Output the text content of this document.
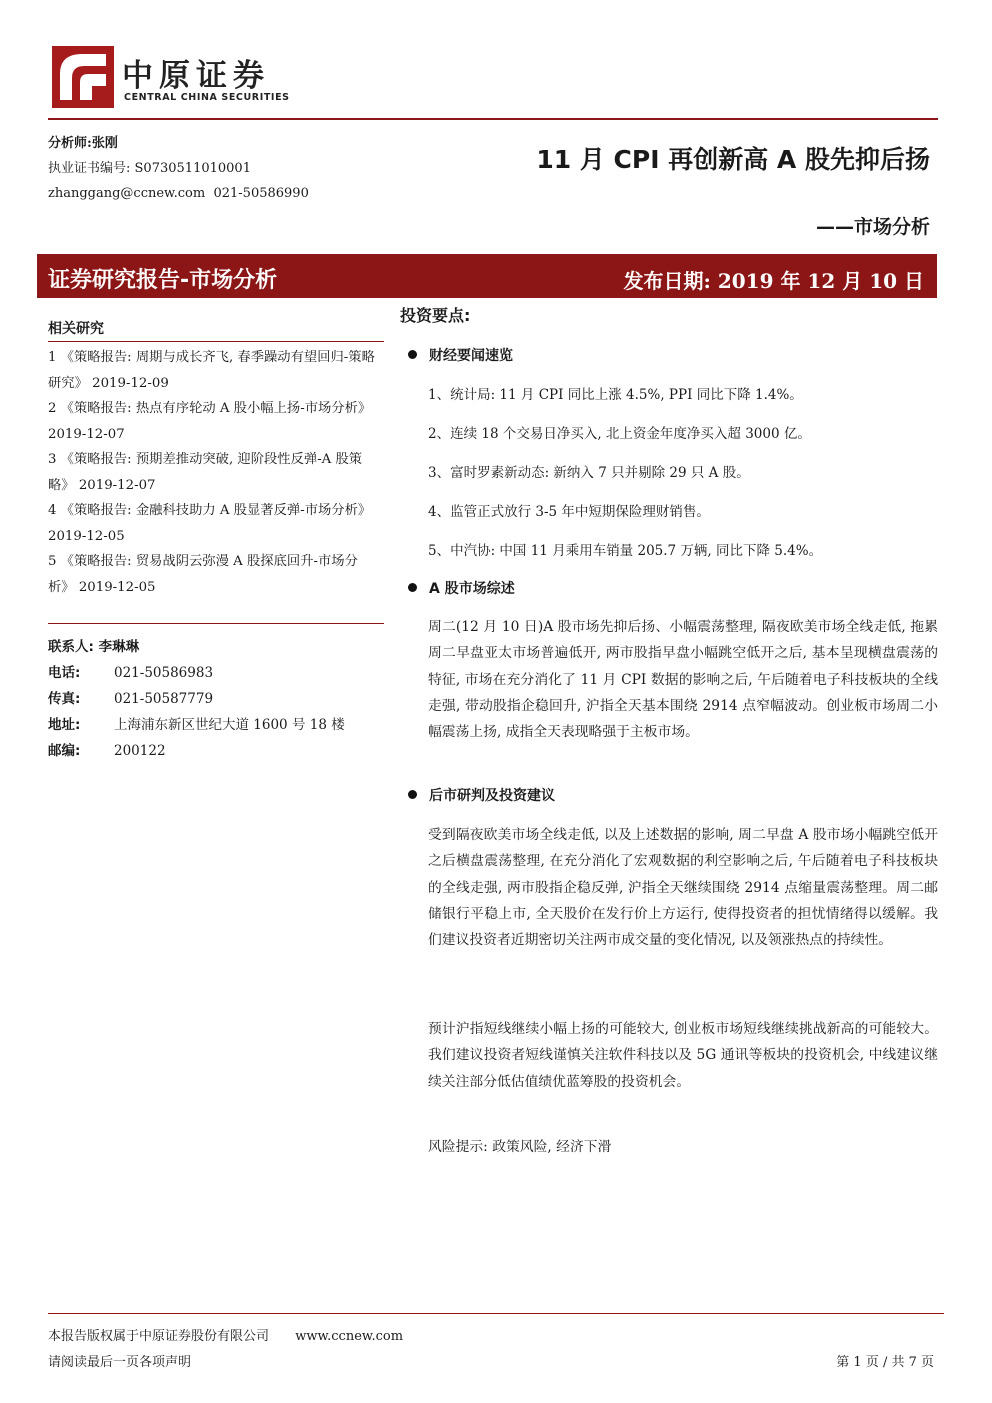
中原证券
CENTRAL CHINA SECURITIES
分析师:张刚
执业证书编号: S0730511010001
zhanggang@ccnew.com  021-50586990
11 月 CPI 再创新高 A 股先抑后扬
——市场分析
证券研究报告-市场分析	发布日期: 2019 年 12 月 10 日
相关研究

1 《策略报告: 周期与成长齐飞, 春季躁动有望回归-策略研究》 2019-12-09

2 《策略报告: 热点有序轮动 A 股小幅上扬-市场分析》 2019-12-07

3 《策略报告: 预期差推动突破, 迎阶段性反弹-A 股策略》 2019-12-07

4 《策略报告: 金融科技助力 A 股显著反弹-市场分析》 2019-12-05

5 《策略报告: 贸易战阴云弥漫 A 股探底回升-市场分析》 2019-12-05

联系人: 李琳琳
电话:	021-50586983
传真:	021-50587779
地址:	上海浦东新区世纪大道 1600 号 18 楼
邮编:	200122
投资要点:
财经要闻速览
1、统计局: 11 月 CPI 同比上涨 4.5%, PPI 同比下降 1.4%。
2、连续 18 个交易日净买入, 北上资金年度净买入超 3000 亿。
3、富时罗素新动态: 新纳入 7 只并剔除 29 只 A 股。
4、监管正式放行 3-5 年中短期保险理财销售。
5、中汽协: 中国 11 月乘用车销量 205.7 万辆, 同比下降 5.4%。
A 股市场综述
周二(12 月 10 日)A 股市场先抑后扬、小幅震荡整理, 隔夜欧美市场全线走低, 拖累周二早盘亚太市场普遍低开, 两市股指早盘小幅跳空低开之后, 基本呈现横盘震荡的特征, 市场在充分消化了 11 月 CPI 数据的影响之后, 午后随着电子科技板块的全线走强, 带动股指企稳回升, 沪指全天基本围绕 2914 点窄幅波动。创业板市场周二小幅震荡上扬, 成指全天表现略强于主板市场。
后市研判及投资建议
受到隔夜欧美市场全线走低, 以及上述数据的影响, 周二早盘 A 股市场小幅跳空低开之后横盘震荡整理, 在充分消化了宏观数据的利空影响之后, 午后随着电子科技板块的全线走强, 两市股指企稳反弹, 沪指全天继续围绕 2914 点缩量震荡整理。周二邮储银行平稳上市, 全天股价在发行价上方运行, 使得投资者的担忧情绪得以缓解。我们建议投资者近期密切关注两市成交量的变化情况, 以及领涨热点的持续性。
预计沪指短线继续小幅上扬的可能较大, 创业板市场短线继续挑战新高的可能较大。我们建议投资者短线谨慎关注软件科技以及 5G 通讯等板块的投资机会, 中线建议继续关注部分低估值绩优蓝筹股的投资机会。
风险提示: 政策风险, 经济下滑
本报告版权属于中原证券股份有限公司 www.ccnew.com
请阅读最后一页各项声明	第 1 页 / 共 7 页
